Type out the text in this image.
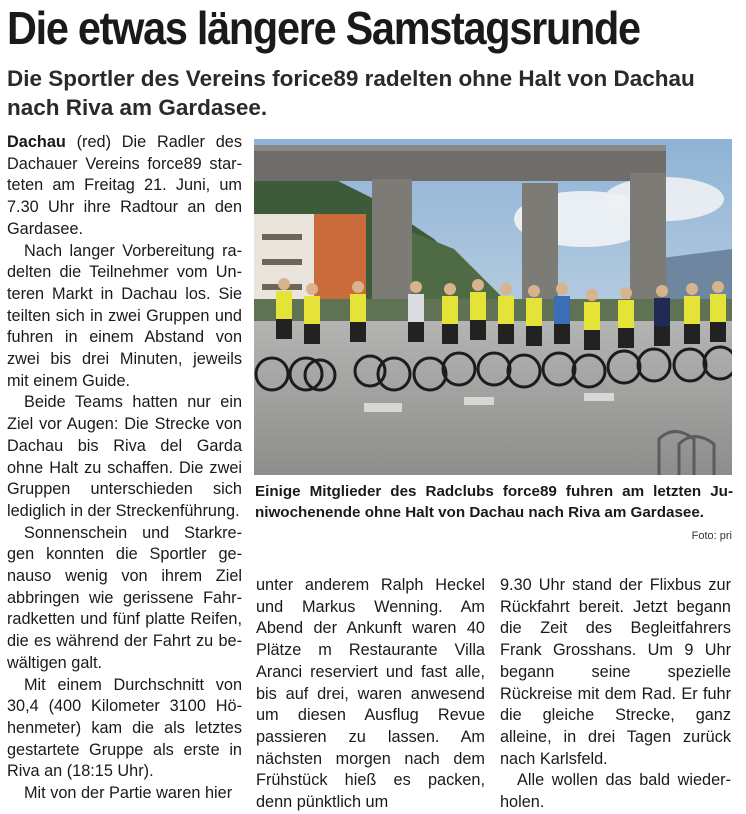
Die etwas längere Samstagsrunde
Die Sportler des Vereins forice89 radelten ohne Halt von Dachau nach Riva am Gardasee.

Dachau (red) Die Radler des Dachauer Vereins force89 starteten am Freitag 21. Juni, um 7.30 Uhr ihre Radtour an den Gardasee.

Nach langer Vorbereitung radelten die Teilnehmer vom Unteren Markt in Dachau los. Sie teilten sich in zwei Gruppen und fuhren in einem Abstand von zwei bis drei Minuten, jeweils mit einem Guide.

Beide Teams hatten nur ein Ziel vor Augen: Die Strecke von Dachau bis Riva del Garda ohne Halt zu schaffen. Die zwei Gruppen unterschieden sich lediglich in der Streckenführung.

Sonnenschein und Starkregen konnten die Sportler genauso wenig von ihrem Ziel abbringen wie gerissene Fahrradketten und fünf platte Reifen, die es während der Fahrt zu bewältigen galt.

Mit einem Durchschnitt von 30,4 (400 Kilometer 3100 Höhenmeter) kam die als letztes gestartete Gruppe als erste in Riva an (18:15 Uhr).

Mit von der Partie waren hier

Einige Mitglieder des Radclubs force89 fuhren am letzten Juniwochenende ohne Halt von Dachau nach Riva am Gardasee.
Foto: pri

unter anderem Ralph Heckel und Markus Wenning. Am Abend der Ankunft waren 40 Plätze m Restaurante Villa Aranci reserviert und fast alle, bis auf drei, waren anwesend um diesen Ausflug Revue passieren zu lassen. Am nächsten morgen nach dem Frühstück hieß es packen, denn pünktlich um

9.30 Uhr stand der Flixbus zur Rückfahrt bereit. Jetzt begann die Zeit des Begleitfahrers Frank Grosshans. Um 9 Uhr begann seine spezielle Rückreise mit dem Rad. Er fuhr die gleiche Strecke, ganz alleine, in drei Tagen zurück nach Karlsfeld.

Alle wollen das bald wiederholen.
